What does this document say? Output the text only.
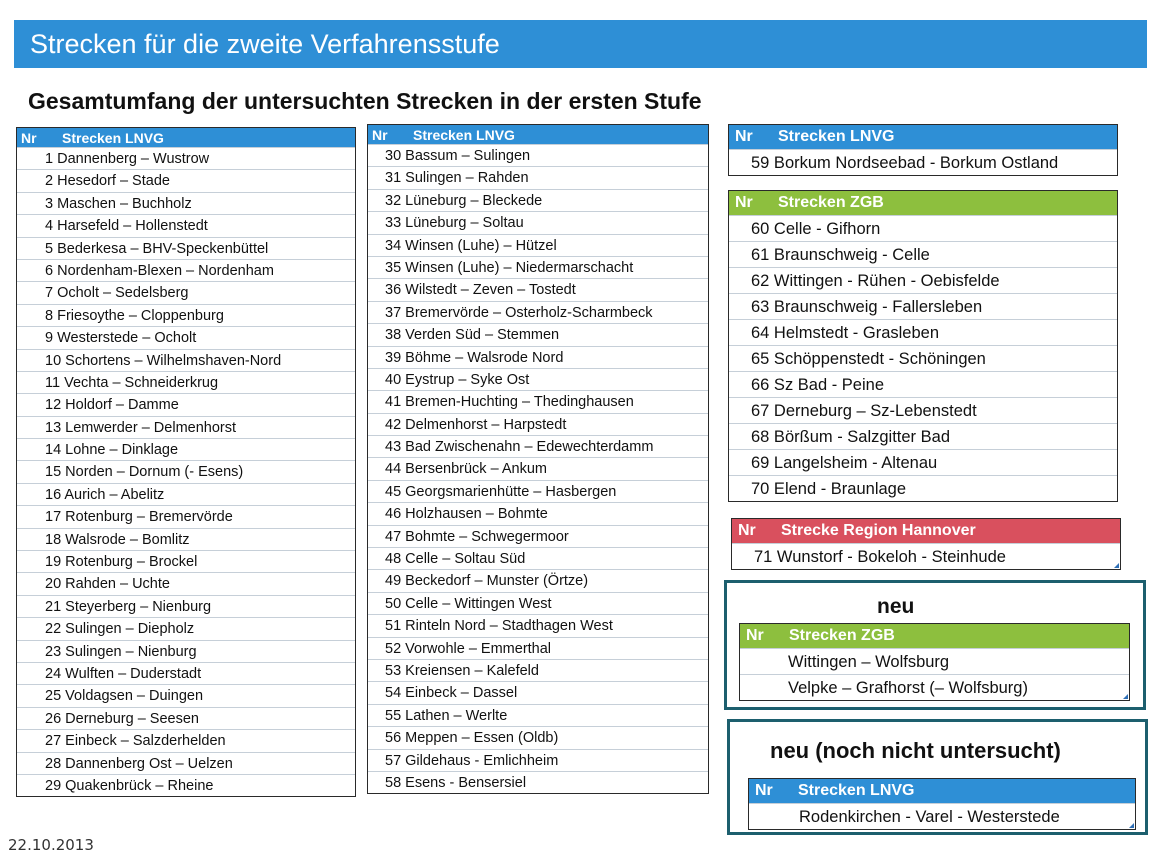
Strecken für die zweite Verfahrensstufe
Gesamtumfang der untersuchten Strecken in der ersten Stufe
Nr	Strecken LNVG
1 Dannenberg – Wustrow
2 Hesedorf – Stade
3 Maschen – Buchholz
4 Harsefeld – Hollenstedt
5 Bederkesa – BHV-Speckenbüttel
6 Nordenham-Blexen – Nordenham
7 Ocholt – Sedelsberg
8 Friesoythe – Cloppenburg
9 Westerstede – Ocholt
10 Schortens – Wilhelmshaven-Nord
11 Vechta – Schneiderkrug
12 Holdorf – Damme
13 Lemwerder – Delmenhorst
14 Lohne – Dinklage
15 Norden – Dornum (- Esens)
16 Aurich – Abelitz
17 Rotenburg – Bremervörde
18 Walsrode – Bomlitz
19 Rotenburg – Brockel
20 Rahden – Uchte
21 Steyerberg – Nienburg
22 Sulingen – Diepholz
23 Sulingen – Nienburg
24 Wulften – Duderstadt
25 Voldagsen – Duingen
26 Derneburg – Seesen
27 Einbeck – Salzderhelden
28 Dannenberg Ost – Uelzen
29 Quakenbrück – Rheine
Nr	Strecken LNVG
30 Bassum – Sulingen
31 Sulingen – Rahden
32 Lüneburg – Bleckede
33 Lüneburg – Soltau
34 Winsen (Luhe) – Hützel
35 Winsen (Luhe) – Niedermarschacht
36 Wilstedt – Zeven – Tostedt
37 Bremervörde – Osterholz-Scharmbeck
38 Verden Süd – Stemmen
39 Böhme – Walsrode Nord
40 Eystrup – Syke Ost
41 Bremen-Huchting – Thedinghausen
42 Delmenhorst – Harpstedt
43 Bad Zwischenahn – Edewechterdamm
44 Bersenbrück – Ankum
45 Georgsmarienhütte – Hasbergen
46 Holzhausen – Bohmte
47 Bohmte – Schwegermoor
48 Celle – Soltau Süd
49 Beckedorf – Munster (Örtze)
50 Celle – Wittingen West
51 Rinteln Nord – Stadthagen West
52 Vorwohle – Emmerthal
53 Kreiensen – Kalefeld
54 Einbeck – Dassel
55 Lathen – Werlte
56 Meppen – Essen (Oldb)
57 Gildehaus - Emlichheim
58 Esens - Bensersiel
Nr	Strecken LNVG
59 Borkum Nordseebad - Borkum Ostland
Nr	Strecken ZGB
60 Celle - Gifhorn
61 Braunschweig - Celle
62 Wittingen - Rühen - Oebisfelde
63 Braunschweig - Fallersleben
64 Helmstedt - Grasleben
65 Schöppenstedt - Schöningen
66 Sz Bad - Peine
67 Derneburg – Sz-Lebenstedt
68 Börßum - Salzgitter Bad
69 Langelsheim - Altenau
70 Elend - Braunlage
Nr	Strecke Region Hannover
71 Wunstorf - Bokeloh - Steinhude
neu
Nr	Strecken ZGB
Wittingen – Wolfsburg
Velpke – Grafhorst (– Wolfsburg)
neu (noch nicht untersucht)
Nr	Strecken LNVG
Rodenkirchen - Varel - Westerstede
22.10.2013
